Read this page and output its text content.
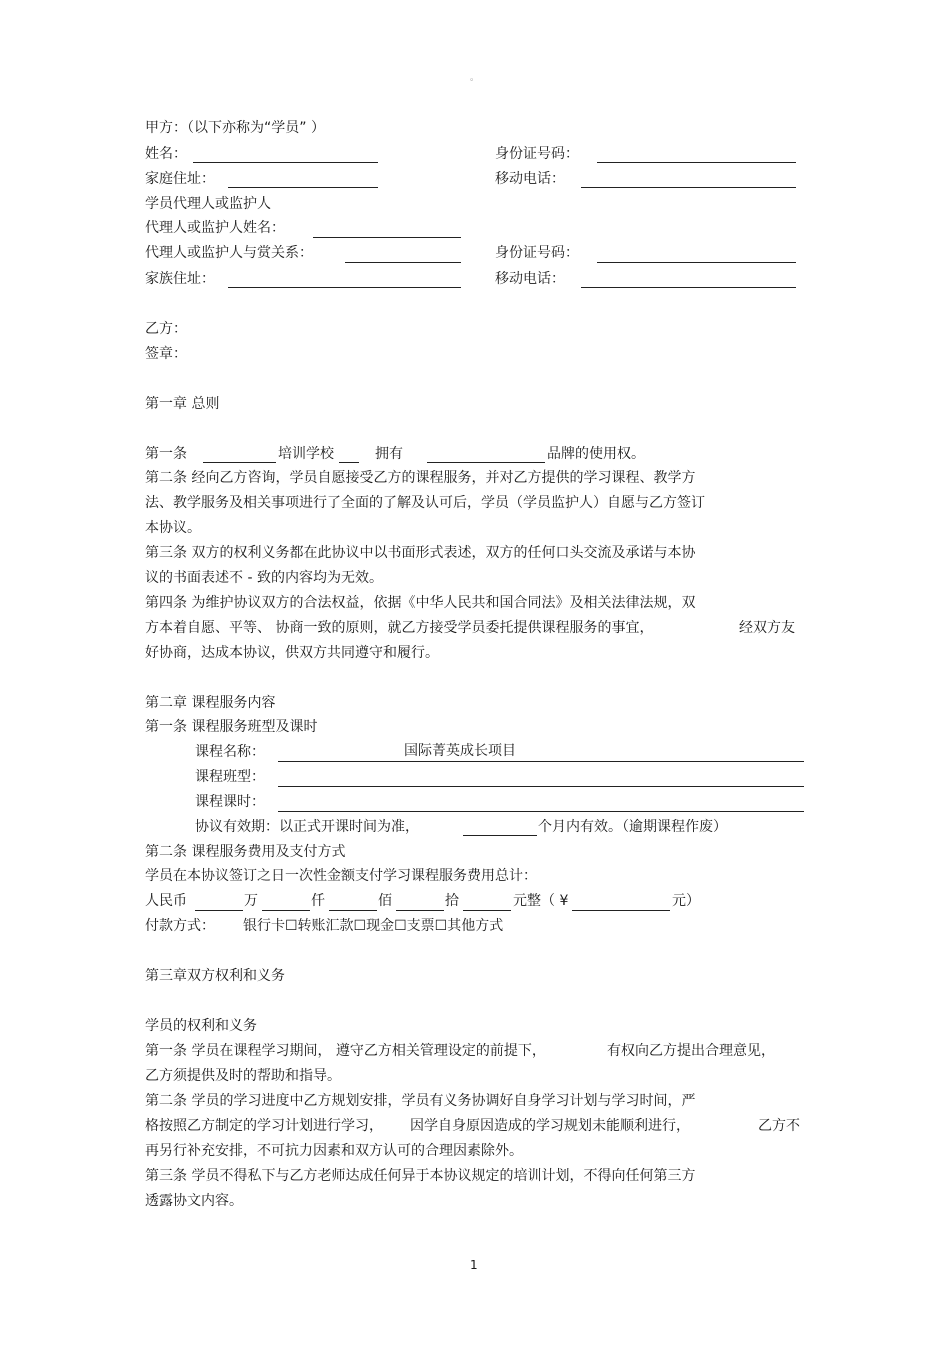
。
甲方：（以下亦称为“学员” ）
姓名：	身份证号码：
家庭住址：	移动电话：
学员代理人或监护人
代理人或监护人姓名：
代理人或监护人与赏关系：	身份证号码：
家族住址：	移动电话：
乙方：
签章：
第一章 总则
第一条	培训学校	拥有	品牌的使用权。
第二条 经向乙方咨询，学员自愿接受乙方的课程服务，并对乙方提供的学习课程、教学方
法、教学服务及相关事项进行了全面的了解及认可后，学员（学员监护人）自愿与乙方签订
本协议。
第三条 双方的权利义务都在此协议中以书面形式表述，双方的任何口头交流及承诺与本协
议的书面表述不 - 致的内容均为无效。
第四条 为维护协议双方的合法权益，依据《中华人民共和国合同法》及相关法律法规，双
方本着自愿、平等、 协商一致的原则，就乙方接受学员委托提供课程服务的事宜，	经双方友
好协商，达成本协议，供双方共同遵守和履行。
第二章 课程服务内容
第一条 课程服务班型及课时
课程名称：	国际菁英成长项目
课程班型：
课程课时：
协议有效期：以正式开课时间为准，	个月内有效。（逾期课程作废）
第二条 课程服务费用及支付方式
学员在本协议签订之日一次性金额支付学习课程服务费用总计：
人民币	万	仟	佰	拾	元整（ ¥	元）
付款方式： 银行卡☐转账汇款☐现金☐支票☐其他方式
第三章双方权利和义务
学员的权利和义务
第一条 学员在课程学习期间， 遵守乙方相关管理设定的前提下，	有权向乙方提出合理意见，
乙方须提供及时的帮助和指导。
第二条 学员的学习进度中乙方规划安排，学员有义务协调好自身学习计划与学习时间，严
格按照乙方制定的学习计划进行学习， 因学自身原因造成的学习规划未能顺利进行，	乙方不
再另行补充安排，不可抗力因素和双方认可的合理因素除外。
第三条 学员不得私下与乙方老师达成任何异于本协议规定的培训计划，不得向任何第三方
透露协文内容。
1
